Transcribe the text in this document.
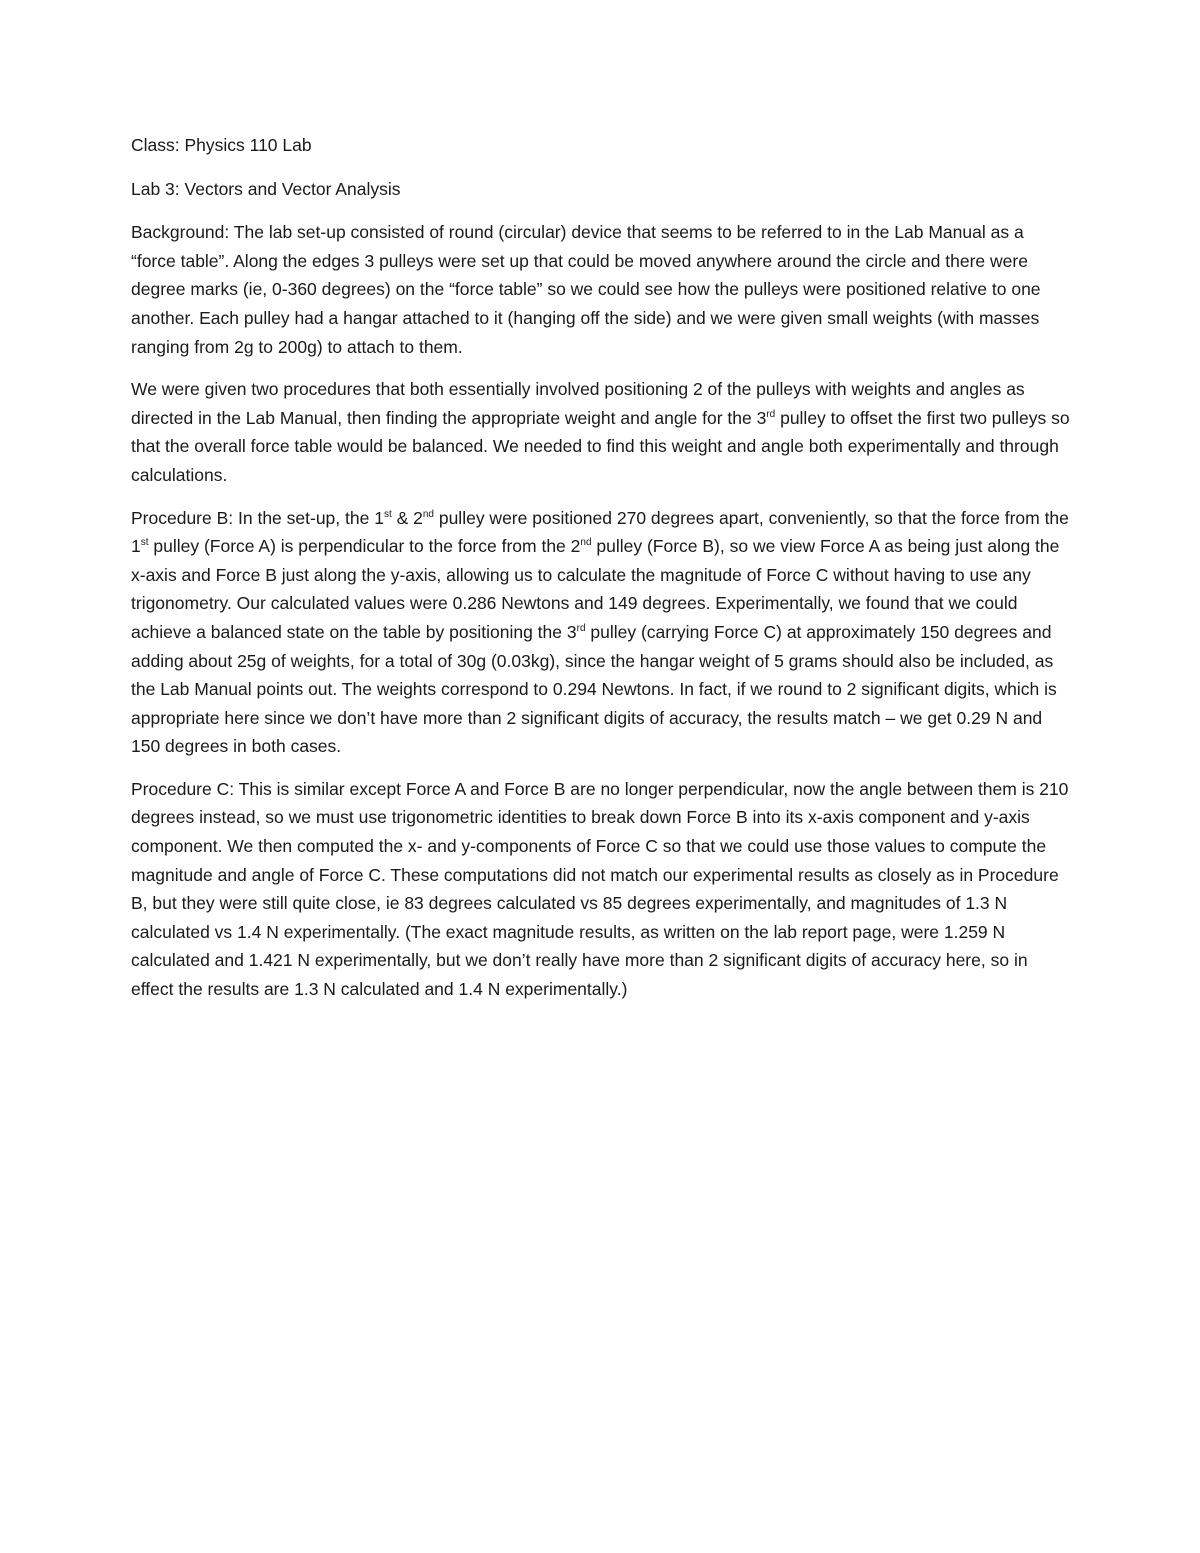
Class: Physics 110 Lab

Lab 3: Vectors and Vector Analysis

Background: The lab set-up consisted of round (circular) device that seems to be referred to in the Lab Manual as a “force table”. Along the edges 3 pulleys were set up that could be moved anywhere around the circle and there were degree marks (ie, 0-360 degrees) on the “force table” so we could see how the pulleys were positioned relative to one another. Each pulley had a hangar attached to it (hanging off the side) and we were given small weights (with masses ranging from 2g to 200g) to attach to them.

We were given two procedures that both essentially involved positioning 2 of the pulleys with weights and angles as directed in the Lab Manual, then finding the appropriate weight and angle for the 3rd pulley to offset the first two pulleys so that the overall force table would be balanced. We needed to find this weight and angle both experimentally and through calculations.

Procedure B: In the set-up, the 1st & 2nd pulley were positioned 270 degrees apart, conveniently, so that the force from the 1st pulley (Force A) is perpendicular to the force from the 2nd pulley (Force B), so we view Force A as being just along the x-axis and Force B just along the y-axis, allowing us to calculate the magnitude of Force C without having to use any trigonometry. Our calculated values were 0.286 Newtons and 149 degrees. Experimentally, we found that we could achieve a balanced state on the table by positioning the 3rd pulley (carrying Force C) at approximately 150 degrees and adding about 25g of weights, for a total of 30g (0.03kg), since the hangar weight of 5 grams should also be included, as the Lab Manual points out. The weights correspond to 0.294 Newtons. In fact, if we round to 2 significant digits, which is appropriate here since we don’t have more than 2 significant digits of accuracy, the results match – we get 0.29 N and 150 degrees in both cases.

Procedure C: This is similar except Force A and Force B are no longer perpendicular, now the angle between them is 210 degrees instead, so we must use trigonometric identities to break down Force B into its x-axis component and y-axis component. We then computed the x- and y-components of Force C so that we could use those values to compute the magnitude and angle of Force C. These computations did not match our experimental results as closely as in Procedure B, but they were still quite close, ie 83 degrees calculated vs 85 degrees experimentally, and magnitudes of 1.3 N calculated vs 1.4 N experimentally. (The exact magnitude results, as written on the lab report page, were 1.259 N calculated and 1.421 N experimentally, but we don’t really have more than 2 significant digits of accuracy here, so in effect the results are 1.3 N calculated and 1.4 N experimentally.)
